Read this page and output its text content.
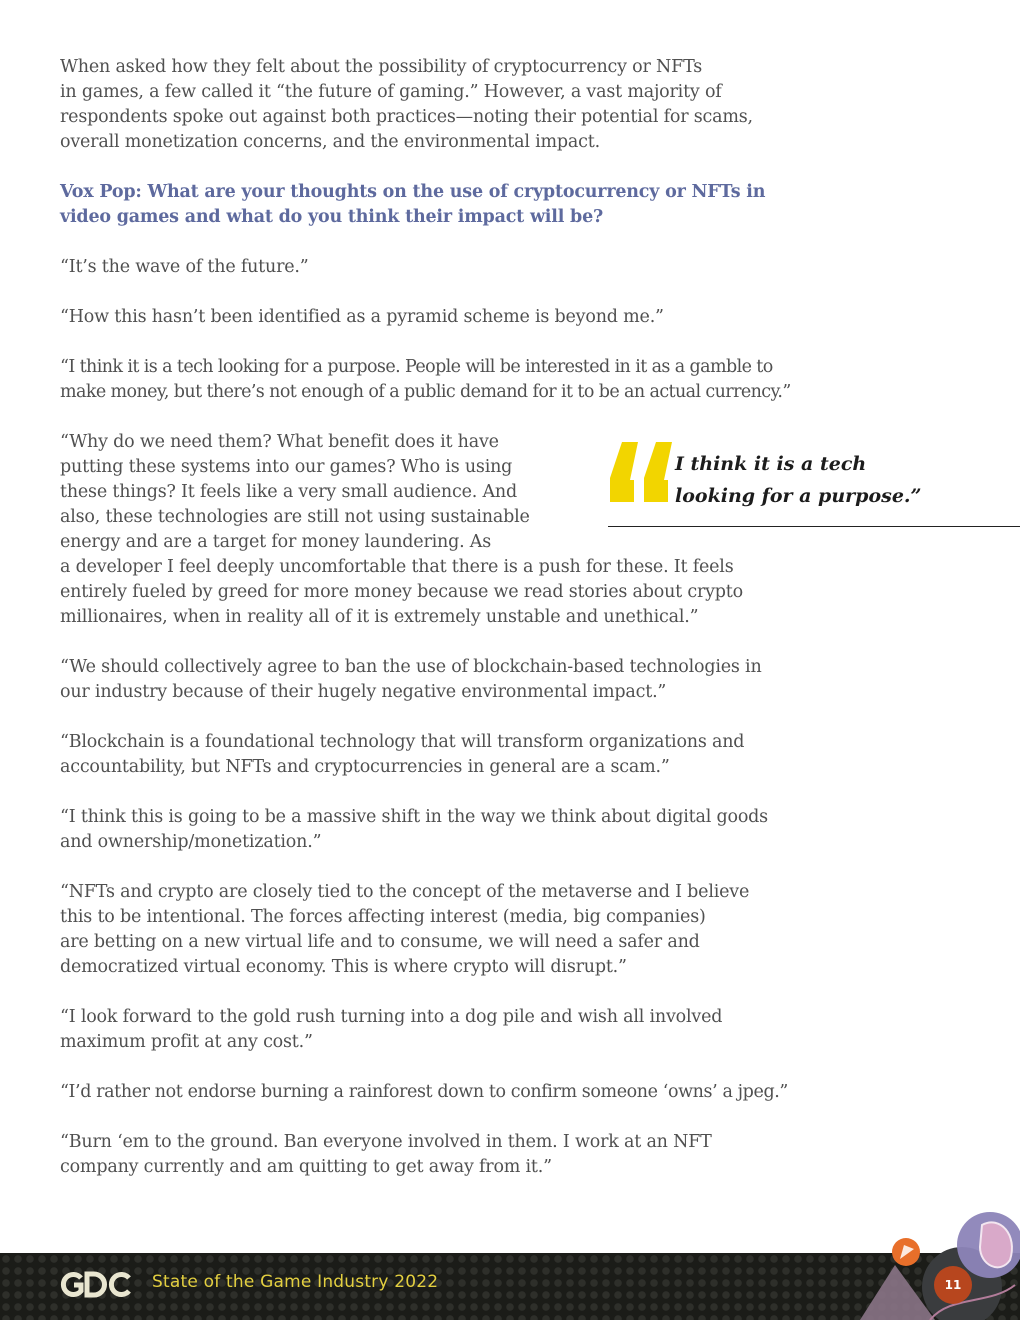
When asked how they felt about the possibility of cryptocurrency or NFTs
in games, a few called it “the future of gaming.” However, a vast majority of
respondents spoke out against both practices—noting their potential for scams,
overall monetization concerns, and the environmental impact.

Vox Pop: What are your thoughts on the use of cryptocurrency or NFTs in
video games and what do you think their impact will be?

“It’s the wave of the future.”

“How this hasn’t been identified as a pyramid scheme is beyond me.”

“I think it is a tech looking for a purpose. People will be interested in it as a gamble to
make money, but there’s not enough of a public demand for it to be an actual currency.”

“Why do we need them? What benefit does it have
putting these systems into our games? Who is using
these things? It feels like a very small audience. And
also, these technologies are still not using sustainable
energy and are a target for money laundering. As
a developer I feel deeply uncomfortable that there is a push for these. It feels
entirely fueled by greed for more money because we read stories about crypto
millionaires, when in reality all of it is extremely unstable and unethical.”

“We should collectively agree to ban the use of blockchain-based technologies in
our industry because of their hugely negative environmental impact.”

“Blockchain is a foundational technology that will transform organizations and
accountability, but NFTs and cryptocurrencies in general are a scam.”

“I think this is going to be a massive shift in the way we think about digital goods
and ownership/monetization.”

“NFTs and crypto are closely tied to the concept of the metaverse and I believe
this to be intentional. The forces affecting interest (media, big companies)
are betting on a new virtual life and to consume, we will need a safer and
democratized virtual economy. This is where crypto will disrupt.”

“I look forward to the gold rush turning into a dog pile and wish all involved
maximum profit at any cost.”

“I’d rather not endorse burning a rainforest down to confirm someone ‘owns’ a jpeg.”

“Burn ‘em to the ground. Ban everyone involved in them. I work at an NFT
company currently and am quitting to get away from it.”

I think it is a tech
looking for a purpose.”
State of the Game Industry 2022	11
